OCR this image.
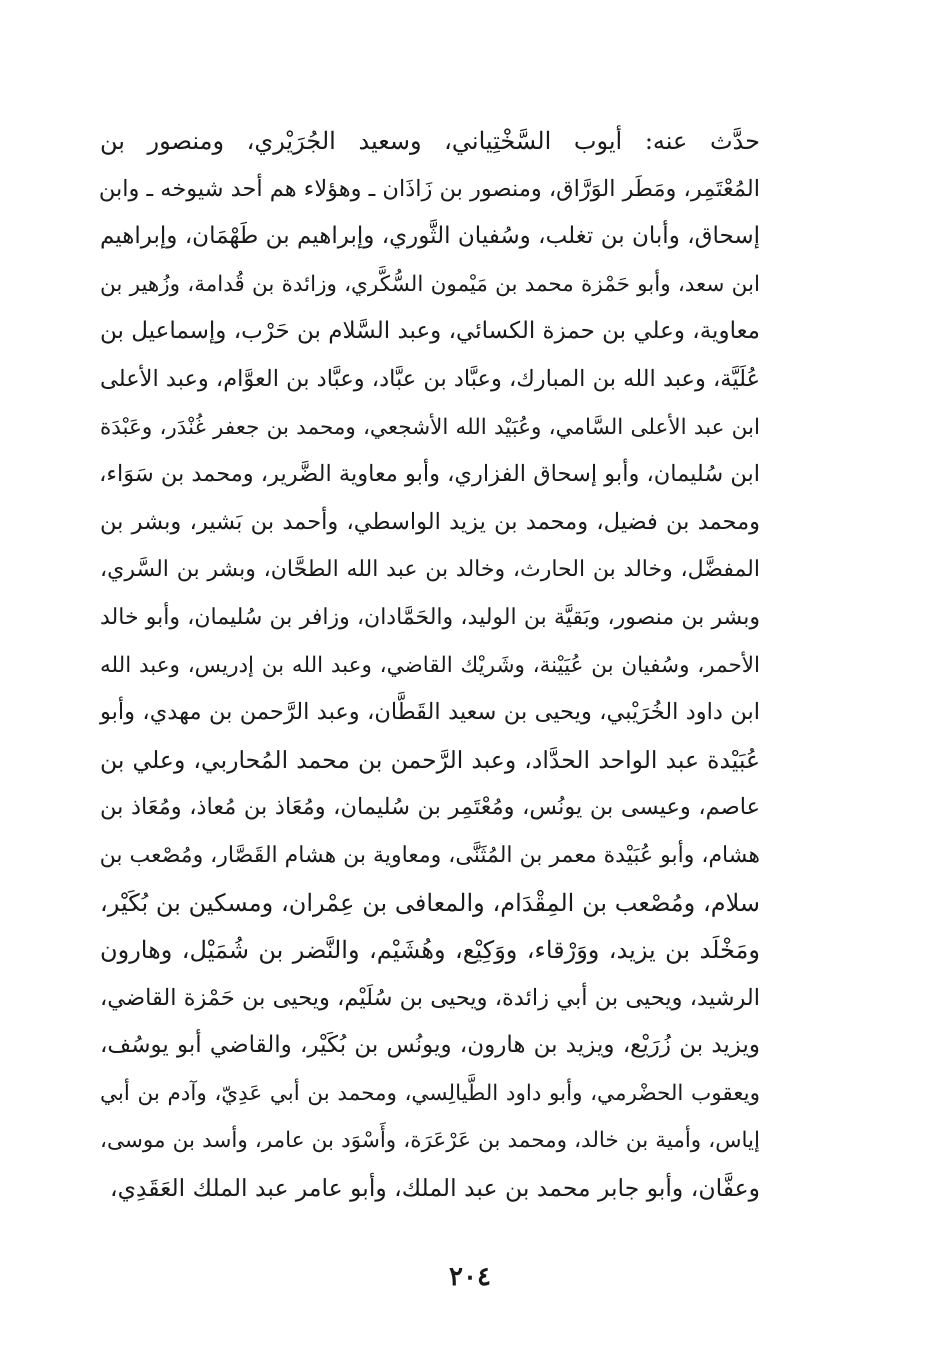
حدَّث عنه: أيوب السَّخْتِياني، وسعيد الجُرَيْري، ومنصور بن
المُعْتَمِر، ومَطَر الوَرَّاق، ومنصور بن زَاذَان ـ وهؤلاء هم أحد شيوخه ـ وابن
إسحاق، وأبان بن تغلب، وسُفيان الثَّوري، وإبراهيم بن طَهْمَان، وإبراهيم
ابن سعد، وأبو حَمْزة محمد بن مَيْمون السُّكَّري، وزائدة بن قُدامة، وزُهير بن
معاوية، وعلي بن حمزة الكسائي، وعبد السَّلام بن حَرْب، وإسماعيل بن
عُلَيَّة، وعبد الله بن المبارك، وعبَّاد بن عبَّاد، وعبَّاد بن العوَّام، وعبد الأعلى
ابن عبد الأعلى السَّامي، وعُبَيْد الله الأشجعي، ومحمد بن جعفر غُنْدَر، وعَبْدَة
ابن سُليمان، وأبو إسحاق الفزاري، وأبو معاوية الضَّرير، ومحمد بن سَوَاء،
ومحمد بن فضيل، ومحمد بن يزيد الواسطي، وأحمد بن بَشير، وبشر بن
المفضَّل، وخالد بن الحارث، وخالد بن عبد الله الطحَّان، وبشر بن السَّري،
وبشر بن منصور، وبَقيَّة بن الوليد، والحَمَّادان، وزافر بن سُليمان، وأبو خالد
الأحمر، وسُفيان بن عُيَيْنة، وشَريْك القاضي، وعبد الله بن إدريس، وعبد الله
ابن داود الخُرَيْبي، ويحيى بن سعيد القَطَّان، وعبد الرَّحمن بن مهدي، وأبو
عُبَيْدة عبد الواحد الحدَّاد، وعبد الرَّحمن بن محمد المُحاربي، وعلي بن
عاصم، وعيسى بن يونُس، ومُعْتَمِر بن سُليمان، ومُعَاذ بن مُعاذ، ومُعَاذ بن
هشام، وأبو عُبَيْدة معمر بن المُثَنَّى، ومعاوية بن هشام القَصَّار، ومُصْعب بن
سلام، ومُصْعب بن المِقْدَام، والمعافى بن عِمْران، ومسكين بن بُكَيْر،
ومَخْلَد بن يزيد، ووَرْقاء، ووَكِيْع، وهُشَيْم، والنَّضر بن شُمَيْل، وهارون
الرشيد، ويحيى بن أبي زائدة، ويحيى بن سُلَيْم، ويحيى بن حَمْزة القاضي،
ويزيد بن زُرَيْع، ويزيد بن هارون، ويونُس بن بُكَيْر، والقاضي أبو يوسُف،
ويعقوب الحضْرمي، وأبو داود الطَّيالِسي، ومحمد بن أبي عَدِيّ، وآدم بن أبي
إياس، وأمية بن خالد، ومحمد بن عَرْعَرَة، وأَسْوَد بن عامر، وأسد بن موسى،
وعفَّان، وأبو جابر محمد بن عبد الملك، وأبو عامر عبد الملك العَقَدِي،
٢٠٤
